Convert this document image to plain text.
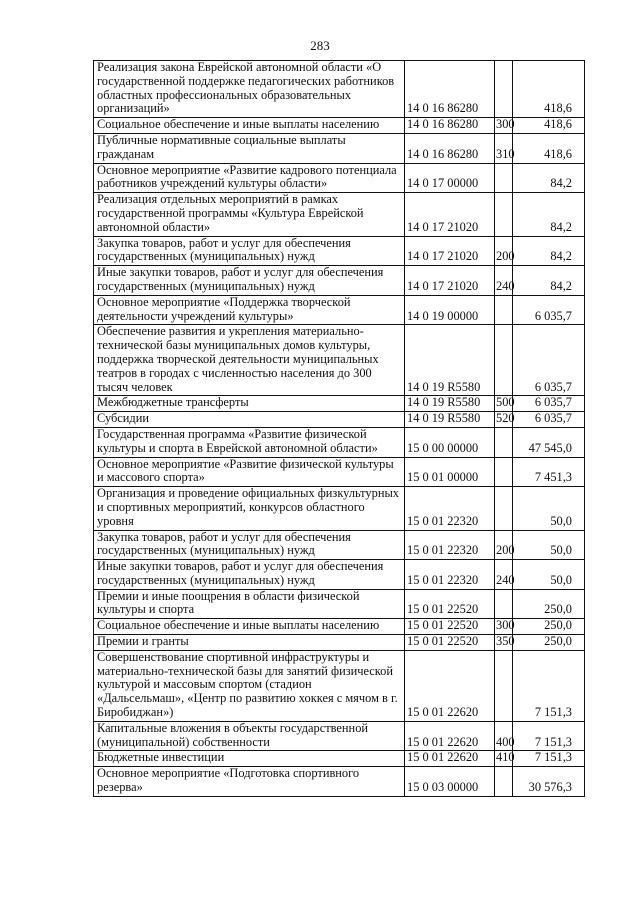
283
Реализация закона Еврейской автономной области «О государственной поддержке педагогических работников областных профессиональных образовательных организаций»	14 0 16 86280		418,6
Социальное обеспечение и иные выплаты населению	14 0 16 86280	300	418,6
Публичные нормативные социальные выплаты гражданам	14 0 16 86280	310	418,6
Основное мероприятие «Развитие кадрового потенциала работников учреждений культуры области»	14 0 17 00000		84,2
Реализация отдельных мероприятий в рамках государственной программы «Культура Еврейской автономной области»	14 0 17 21020		84,2
Закупка товаров, работ и услуг для обеспечения государственных (муниципальных) нужд	14 0 17 21020	200	84,2
Иные закупки товаров, работ и услуг для обеспечения государственных (муниципальных) нужд	14 0 17 21020	240	84,2
Основное мероприятие «Поддержка творческой деятельности учреждений культуры»	14 0 19 00000		6 035,7
Обеспечение развития и укрепления материально-технической базы муниципальных домов культуры, поддержка творческой деятельности муниципальных театров в городах с численностью населения до 300 тысяч человек	14 0 19 R5580		6 035,7
Межбюджетные трансферты	14 0 19 R5580	500	6 035,7
Субсидии	14 0 19 R5580	520	6 035,7
Государственная программа «Развитие физической культуры и спорта в Еврейской автономной области»	15 0 00 00000		47 545,0
Основное мероприятие «Развитие физической культуры и массового спорта»	15 0 01 00000		7 451,3
Организация и проведение официальных физкультурных и спортивных мероприятий, конкурсов областного уровня	15 0 01 22320		50,0
Закупка товаров, работ и услуг для обеспечения государственных (муниципальных) нужд	15 0 01 22320	200	50,0
Иные закупки товаров, работ и услуг для обеспечения государственных (муниципальных) нужд	15 0 01 22320	240	50,0
Премии и иные поощрения в области физической культуры и спорта	15 0 01 22520		250,0
Социальное обеспечение и иные выплаты населению	15 0 01 22520	300	250,0
Премии и гранты	15 0 01 22520	350	250,0
Совершенствование спортивной инфраструктуры и материально-технической базы для занятий физической культурой и массовым спортом (стадион «Дальсельмаш», «Центр по развитию хоккея с мячом в г. Биробиджан»)	15 0 01 22620		7 151,3
Капитальные вложения в объекты государственной (муниципальной) собственности	15 0 01 22620	400	7 151,3
Бюджетные инвестиции	15 0 01 22620	410	7 151,3
Основное мероприятие «Подготовка спортивного резерва»	15 0 03 00000		30 576,3
